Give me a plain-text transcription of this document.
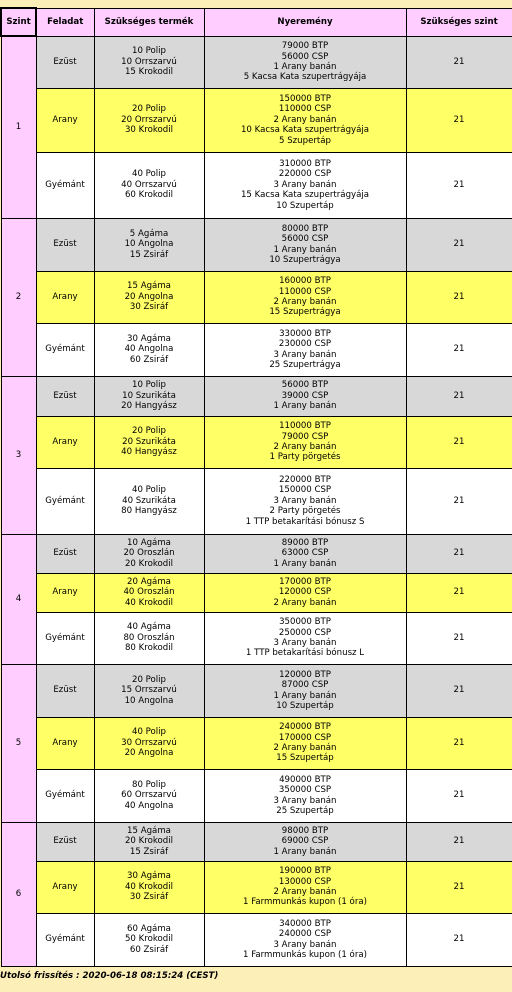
Szint	Feladat	Szükséges termék	Nyeremény	Szükséges szint
1	Ezüst	10 Polip
10 Orrszarvú
15 Krokodil	79000 BTP
56000 CSP
1 Arany banán
5 Kacsa Kata szupertrágyája	21
	Arany	20 Polip
20 Orrszarvú
30 Krokodil	150000 BTP
110000 CSP
2 Arany banán
10 Kacsa Kata szupertrágyája
5 Szupertáp	21
	Gyémánt	40 Polip
40 Orrszarvú
60 Krokodil	310000 BTP
220000 CSP
3 Arany banán
15 Kacsa Kata szupertrágyája
10 Szupertáp	21
2	Ezüst	5 Agáma
10 Angolna
15 Zsiráf	80000 BTP
56000 CSP
1 Arany banán
10 Szupertrágya	21
	Arany	15 Agáma
20 Angolna
30 Zsiráf	160000 BTP
110000 CSP
2 Arany banán
15 Szupertrágya	21
	Gyémánt	30 Agáma
40 Angolna
60 Zsiráf	330000 BTP
230000 CSP
3 Arany banán
25 Szupertrágya	21
3	Ezüst	10 Polip
10 Szurikáta
20 Hangyász	56000 BTP
39000 CSP
1 Arany banán	21
	Arany	20 Polip
20 Szurikáta
40 Hangyász	110000 BTP
79000 CSP
2 Arany banán
1 Party pörgetés	21
	Gyémánt	40 Polip
40 Szurikáta
80 Hangyász	220000 BTP
150000 CSP
3 Arany banán
2 Party pörgetés
1 TTP betakarítási bónusz S	21
4	Ezüst	10 Agáma
20 Oroszlán
20 Krokodil	89000 BTP
63000 CSP
1 Arany banán	21
	Arany	20 Agáma
40 Oroszlán
40 Krokodil	170000 BTP
120000 CSP
2 Arany banán	21
	Gyémánt	40 Agáma
80 Oroszlán
80 Krokodil	350000 BTP
250000 CSP
3 Arany banán
1 TTP betakarítási bónusz L	21
5	Ezüst	20 Polip
15 Orrszarvú
10 Angolna	120000 BTP
87000 CSP
1 Arany banán
10 Szupertáp	21
	Arany	40 Polip
30 Orrszarvú
20 Angolna	240000 BTP
170000 CSP
2 Arany banán
15 Szupertáp	21
	Gyémánt	80 Polip
60 Orrszarvú
40 Angolna	490000 BTP
350000 CSP
3 Arany banán
25 Szupertáp	21
6	Ezüst	15 Agáma
20 Krokodil
15 Zsiráf	98000 BTP
69000 CSP
1 Arany banán	21
	Arany	30 Agáma
40 Krokodil
30 Zsiráf	190000 BTP
130000 CSP
2 Arany banán
1 Farmmunkás kupon (1 óra)	21
	Gyémánt	60 Agáma
50 Krokodil
60 Zsiráf	340000 BTP
240000 CSP
3 Arany banán
1 Farmmunkás kupon (1 óra)	21
Utolsó frissítés : 2020-06-18 08:15:24 (CEST)
